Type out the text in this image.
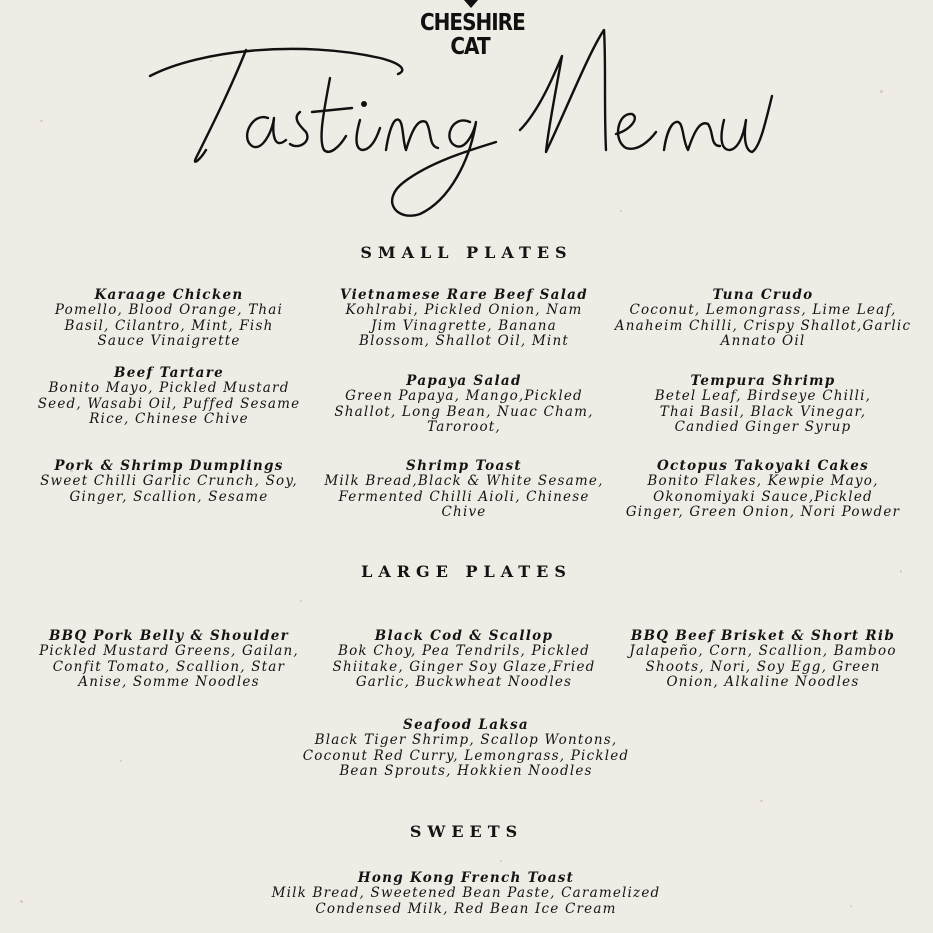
CHESHIRE
CAT
SMALL PLATES
Karaage Chicken
Pomello, Blood Orange, Thai
Basil, Cilantro, Mint, Fish
Sauce Vinaigrette
Vietnamese Rare Beef Salad
Kohlrabi, Pickled Onion, Nam
Jim Vinagrette, Banana
Blossom, Shallot Oil, Mint
Tuna Crudo
Coconut, Lemongrass, Lime Leaf,
Anaheim Chilli, Crispy Shallot,Garlic
Annato Oil
Beef Tartare
Bonito Mayo, Pickled Mustard
Seed, Wasabi Oil, Puffed Sesame
Rice, Chinese Chive
Papaya Salad
Green Papaya, Mango,Pickled
Shallot, Long Bean, Nuac Cham,
Taroroot,
Tempura Shrimp
Betel Leaf, Birdseye Chilli,
Thai Basil, Black Vinegar,
Candied Ginger Syrup
Pork & Shrimp Dumplings
Sweet Chilli Garlic Crunch, Soy,
Ginger, Scallion, Sesame
Shrimp Toast
Milk Bread,Black & White Sesame,
Fermented Chilli Aioli, Chinese
Chive
Octopus Takoyaki Cakes
Bonito Flakes, Kewpie Mayo,
Okonomiyaki Sauce,Pickled
Ginger, Green Onion, Nori Powder
LARGE PLATES
BBQ Pork Belly & Shoulder
Pickled Mustard Greens, Gailan,
Confit Tomato, Scallion, Star
Anise, Somme Noodles
Black Cod & Scallop
Bok Choy, Pea Tendrils, Pickled
Shiitake, Ginger Soy Glaze,Fried
Garlic, Buckwheat Noodles
BBQ Beef Brisket & Short Rib
Jalapeño, Corn, Scallion, Bamboo
Shoots, Nori, Soy Egg, Green
Onion, Alkaline Noodles
Seafood Laksa
Black Tiger Shrimp, Scallop Wontons,
Coconut Red Curry, Lemongrass, Pickled
Bean Sprouts, Hokkien Noodles
SWEETS
Hong Kong French Toast
Milk Bread, Sweetened Bean Paste, Caramelized
Condensed Milk, Red Bean Ice Cream
